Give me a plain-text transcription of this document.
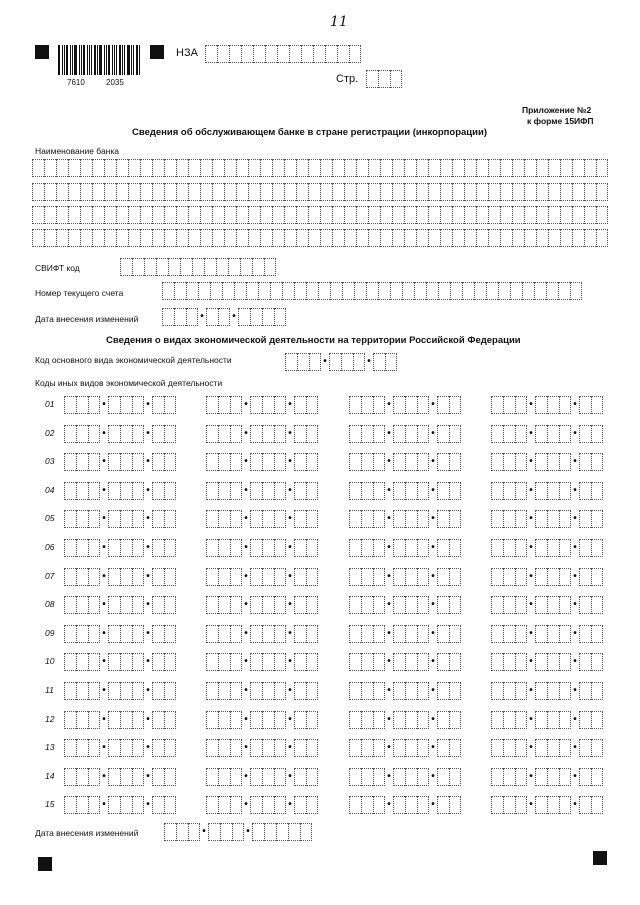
11
7610	2035
НЗА
Стр.
Приложение №2
к форме 15ИФП
Сведения об обслуживающем банке в стране регистрации (инкорпорации)
Наименование банка
СВИФТ код
Номер текущего счета
Дата внесения изменений	•	•
Сведения о видах экономической деятельности на территории Российской Федерации
Код основного вида экономической деятельности	•	•
Коды иных видов экономической деятельности
01	•	•	•	•	•	•	•	•
02	•	•	•	•	•	•	•	•
03	•	•	•	•	•	•	•	•
04	•	•	•	•	•	•	•	•
05	•	•	•	•	•	•	•	•
06	•	•	•	•	•	•	•	•
07	•	•	•	•	•	•	•	•
08	•	•	•	•	•	•	•	•
09	•	•	•	•	•	•	•	•
10	•	•	•	•	•	•	•	•
11	•	•	•	•	•	•	•	•
12	•	•	•	•	•	•	•	•
13	•	•	•	•	•	•	•	•
14	•	•	•	•	•	•	•	•
15	•	•	•	•	•	•	•	•
Дата внесения изменений	•	•
